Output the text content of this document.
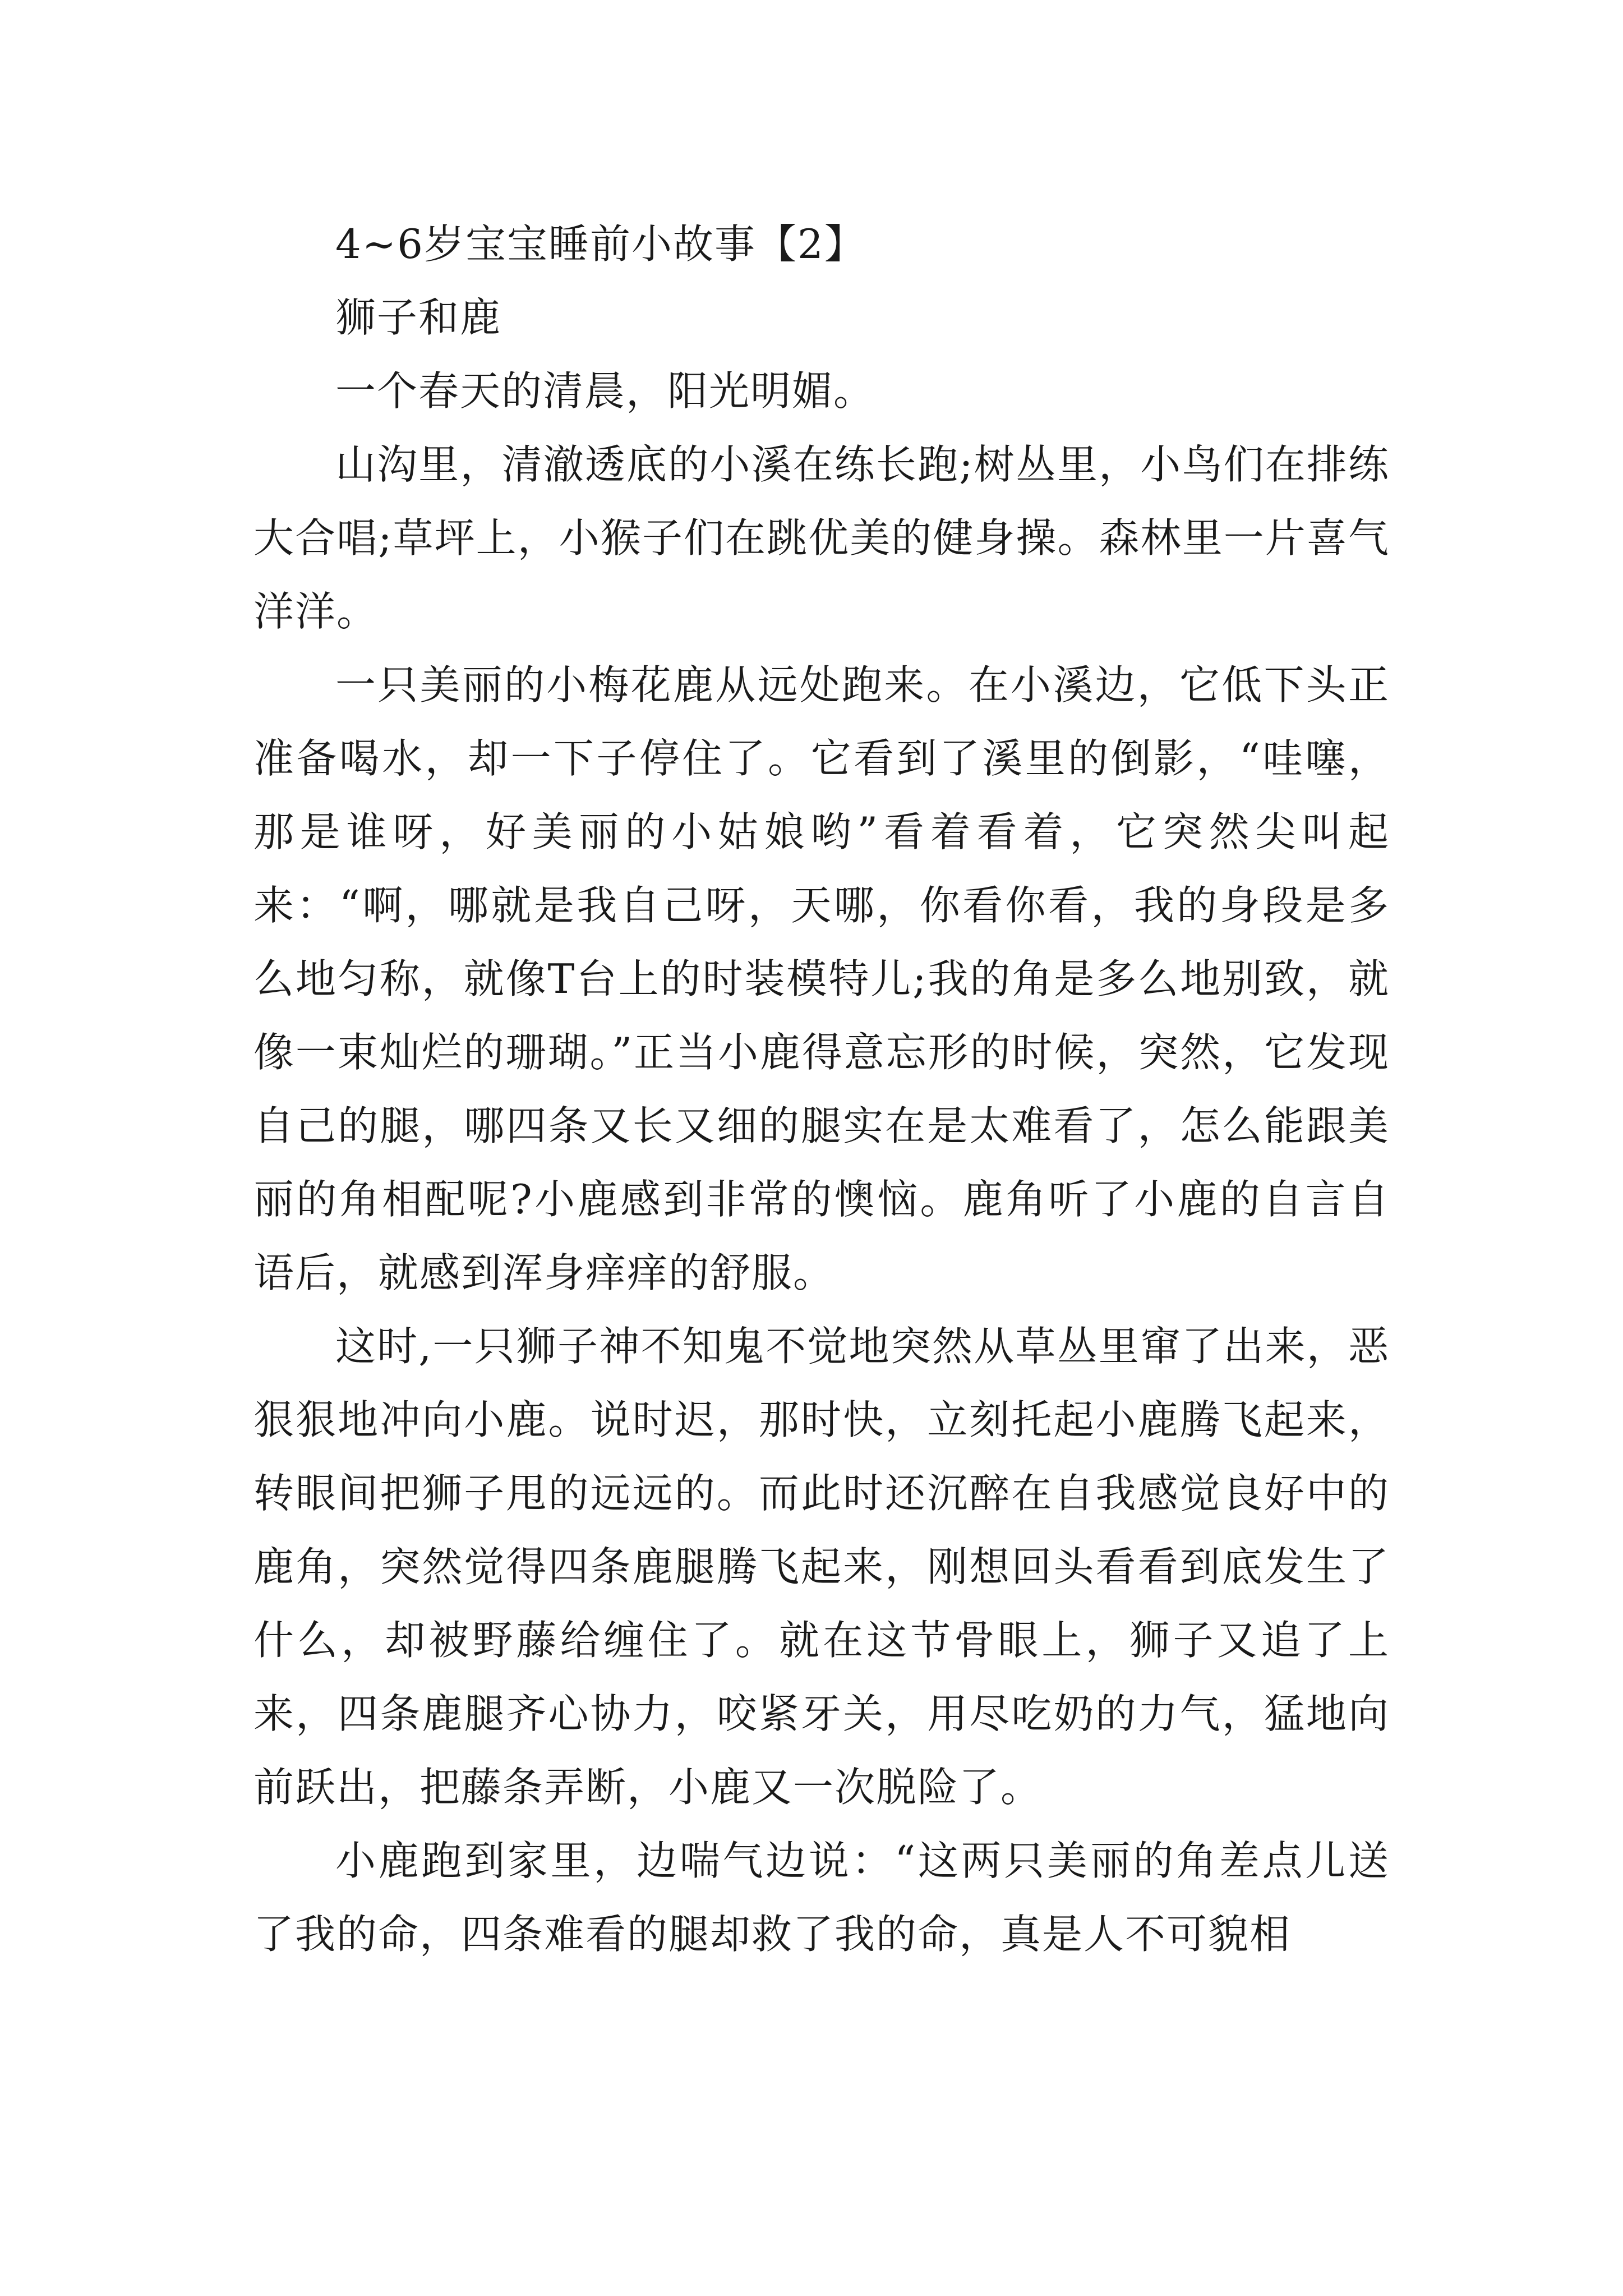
4~6岁宝宝睡前小故事【2】

狮子和鹿

一个春天的清晨，阳光明媚。

山沟里，清澈透底的小溪在练长跑;树丛里，小鸟们在排练大合唱;草坪上，小猴子们在跳优美的健身操。森林里一片喜气洋洋。

一只美丽的小梅花鹿从远处跑来。在小溪边，它低下头正准备喝水，却一下子停住了。它看到了溪里的倒影，“哇噻，那是谁呀，好美丽的小姑娘哟”看着看着，它突然尖叫起来：“啊，哪就是我自己呀，天哪，你看你看，我的身段是多么地匀称，就像T台上的时装模特儿;我的角是多么地别致，就像一束灿烂的珊瑚。”正当小鹿得意忘形的时候，突然，它发现自己的腿，哪四条又长又细的腿实在是太难看了，怎么能跟美丽的角相配呢?小鹿感到非常的懊恼。鹿角听了小鹿的自言自语后，就感到浑身痒痒的舒服。

这时,一只狮子神不知鬼不觉地突然从草丛里窜了出来，恶狠狠地冲向小鹿。说时迟，那时快，立刻托起小鹿腾飞起来，转眼间把狮子甩的远远的。而此时还沉醉在自我感觉良好中的鹿角，突然觉得四条鹿腿腾飞起来，刚想回头看看到底发生了什么，却被野藤给缠住了。就在这节骨眼上，狮子又追了上来，四条鹿腿齐心协力，咬紧牙关，用尽吃奶的力气，猛地向前跃出，把藤条弄断，小鹿又一次脱险了。

小鹿跑到家里，边喘气边说：“这两只美丽的角差点儿送了我的命，四条难看的腿却救了我的命，真是人不可貌相
